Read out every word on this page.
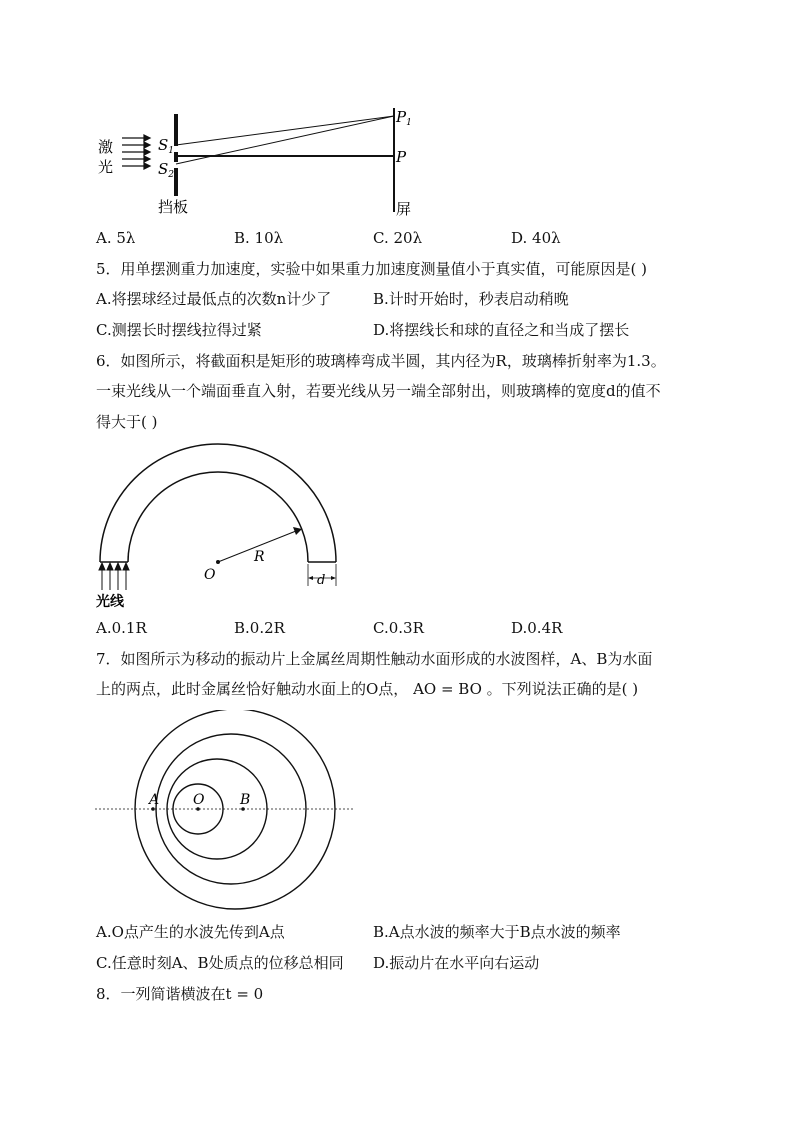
激
光
$S_1$
$S_2$
$P_1$
P
挡板	屏
A. 5λ	B. 10λ	C. 20λ	D. 40λ
5．用单摆测重力加速度，实验中如果重力加速度测量值小于真实值，可能原因是( )
A.将摆球经过最低点的次数n计少了	B.计时开始时，秒表启动稍晚
C.测摆长时摆线拉得过紧	D.将摆线长和球的直径之和当成了摆长
6．如图所示，将截面积是矩形的玻璃棒弯成半圆，其内径为R，玻璃棒折射率为1.3。
一束光线从一个端面垂直入射，若要光线从另一端全部射出，则玻璃棒的宽度d的值不
得大于( )
R
O	d
光线
A.0.1R	B.0.2R	C.0.3R	D.0.4R
7．如图所示为移动的振动片上金属丝周期性触动水面形成的水波图样，A、B为水面
上的两点，此时金属丝恰好触动水面上的O点， AO = BO 。下列说法正确的是( )
A O	B
A.O点产生的水波先传到A点	B.A点水波的频率大于B点水波的频率
C.任意时刻A、B处质点的位移总相同 D.振动片在水平向右运动
8．一列简谐横波在t = 0
